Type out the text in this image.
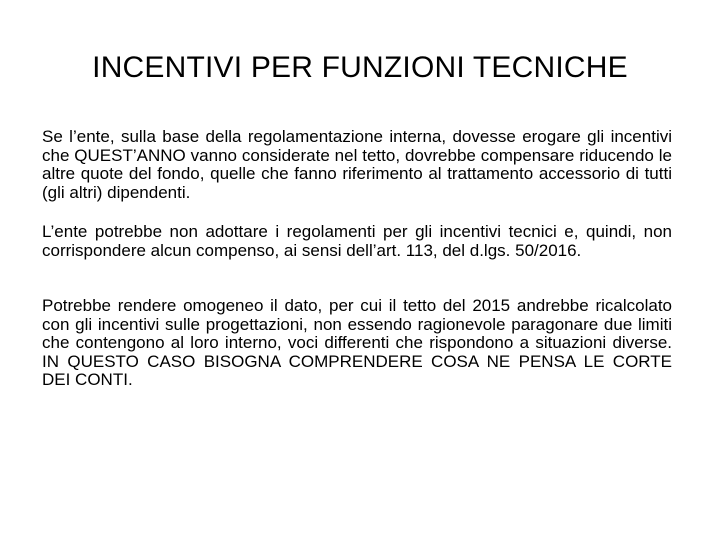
INCENTIVI PER FUNZIONI TECNICHE

Se l’ente, sulla base della regolamentazione interna, dovesse erogare gli incentivi che QUEST’ANNO vanno considerate nel tetto, dovrebbe compensare riducendo le altre quote del fondo, quelle che fanno riferimento al trattamento accessorio di tutti (gli altri) dipendenti.

L’ente potrebbe non adottare i regolamenti per gli incentivi tecnici e, quindi, non corrispondere alcun compenso, ai sensi dell’art. 113, del d.lgs. 50/2016.

Potrebbe rendere omogeneo il dato, per cui il tetto del 2015 andrebbe ricalcolato con gli incentivi sulle progettazioni, non essendo ragionevole paragonare due limiti che contengono al loro interno, voci differenti che rispondono a situazioni diverse. IN QUESTO CASO BISOGNA COMPRENDERE COSA NE PENSA LE CORTE DEI CONTI.
